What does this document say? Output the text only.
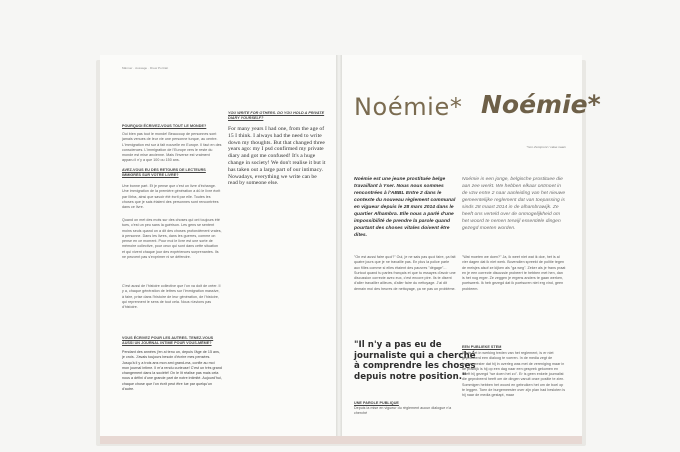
Männer · Aussage · Drew Portrait

POURQUOI ÉCRIVEZ-VOUS TOUT LE MONDE?

Oui bien pas tout le monde! Beaucoup de personnes sont jamais venues de leur vie une personne turque, au centre. L'immigration est sur à fait nouvelle en Europe. Il faut en des consciences. L'immigration de l'Europe vers le reste du monde est mise ancienne. Mais l'inverse est vraiment apparu il n'y a que 100 ou 150 ans.

AVEZ-VOUS EU DES RETOURS DE LECTEURS IMMIGRÉS SUR VOTRE LIVRE?

Une bonne part. Et je pense que c'est un livre d'échange. Une immigration de la première génération a dû le livre écrit par Ilirba, ainsi que savoir été écrit par elle. Toutes les choses que je sais étaient des personnes sont rencontrées dans ce livre.

Quand on met des mots sur des choses qui ont toujours été tues, c'est un peu sans la guérison. Les gens se sentent moins seuls quand on a dit des choses profondément vraies, à personne. Dans les livres, dans les guerres, comme on pense en ce moment. Pour moi le livre est une sorte de mémoire collective, pour ceux qui sont dans cette situation et qui vivent chaque jour des expériences surprenantes. Ils ne peuvent pas s'exprimer ni se défendre.

C'est aussi de l'histoire collective que l'on va doit de créer. Il y a, chaque génération de lettres sur l'immigration massive, à faire, prise dans l'histoire de leur génération, de l'histoire, qui reprennent le sens de tout cela. Nous n'avions pas d'histoire.

VOUS ÉCRIVEZ POUR LES AUTRES. TENEZ-VOUS AUSSI UN JOURNAL INTIME POUR VOUS-MÊME?

Pendant des années j'en ai tenu un, depuis l'âge de 15 ans, je crois. J'avais toujours besoin d'écrire mes pensées. Jusqu'à il y a trois ans mon ami grand-ma, confie au moi mon journal intime. Il m'a rendu curieuse! C'est un très grand changement dans la société! On le lit réalise pas mais cela nous a défini d'une grande part de notre intimité. Aujourd'hui, chaque chose que l'on écrit peut être lue par quelqu'un d'autre.

YOU WRITE FOR OTHERS. DO YOU HOLD A PRIVATE DIARY YOURSELF?

For many years I had one, from the age of 15 I think. I always had the need to write down my thoughts. But that changed three years ago: my I psd confirmed my private diary and got me confused! It's a huge change in society! We don't realise it but it has taken out a large part of our intimacy. Nowadays, everything we write can be read by someone else.

Noémie* Noémie*

*non d'emprunt / valse naam

Noémie est une jeune prostituée belge travaillant à Yser. Nous nous sommes rencontrées à l'ABBL Entre 2 dans le contexte du nouveau règlement communal en vigueur depuis le 28 mars 2014 dans le quartier Alhambra. Elle nous a parlé d'une impossibilité de prendre la parole quand pourtant des choses vitales doivent être dites.

Noémie is een jonge, belgische prostituee die aan zee werkt. We hebben elkaar ontmoet in de vzw entre 2 naar aanleiding van het nieuwe gemeentelijke reglement dat van toepassing is sinds 28 maart 2014 in de alhambrawijk. Ze heeft ons verteld over de onmogelijkheid om het woord te nemen terwijl essentiële dingen gezegd moeten worden.

"On est aussi faire quoi?" Oui, je ne sais pas quoi faire, ça fait quatre jours que je ne travaille pas. En plus la police parle aux filles comme si elles étaient des pauvres "dégage"... Surtout quand tu parles français et que tu essayes d'avoir une discussion correcte avec eux, c'est encore pire. Ils te disent d'aller travailler ailleurs, d'aller faire du nettoyage. J'ai dit demain moi des heures de nettoyage, ça ne pas un problème.

"Wat moeten we doen?" Ja, ik weet niet wat ik doe, het is al vier dagen dat ik niet werk. Bovendien spreekt de politie tegen de meisjes alsof ze kijken als "ga weg". Zeker als je frans praat en je een correcte discussie probeert te hebben met hen, dan is het nog erger. Ze zeggen je ergens anders te gaan werken, poetswerk. Ik heb gezegd dat ik poetsuren niet erg vind, geen probleem.

"Il n'y a pas eu de journaliste qui a cherché à comprendre les choses depuis notre position."

UNE PAROLE PUBLIQUE

Depuis la mise en vigueur du règlement aucun dialogue n'a cherché

EEN PUBLIEKE STEM

Sinds het in werking treden van het reglement, is er niet geprobeerd een dialoog te voeren. In de media zegt de burgemeester dat hij in overleg was met de vereniging maar in de praktijk is hij op een dag naar een gesprek gekomen en heeft hij gezegd "we doen het zo". Er is geen enkele journalist die geprobeerd heeft om de dingen vanuit onze positie te zien. Sommigen hebben het woord en gebruiken het om de boel op te leggen. Toen de burgemeester over zijn plan had besloten is hij naar de media gestapt, maar
